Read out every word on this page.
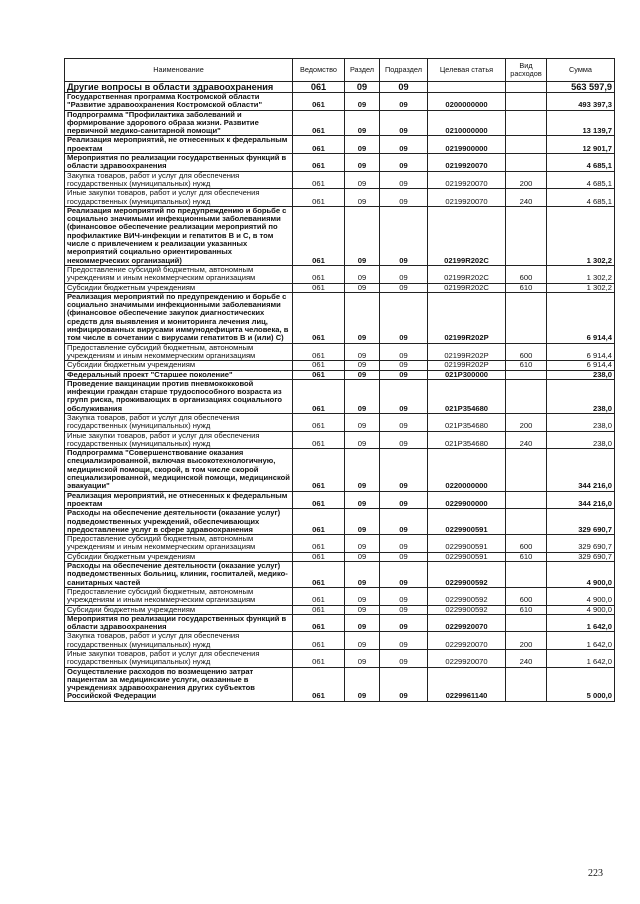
Наименование	Ведомство	Раздел	Подраздел	Целевая статья	Вид расходов	Сумма
Другие вопросы в области здравоохранения	061	09	09			563 597,9
Государственная программа Костромской области "Развитие здравоохранения Костромской области"	061	09	09	0200000000		493 397,3
Подпрограмма "Профилактика заболеваний и формирование здорового образа жизни. Развитие первичной медико-санитарной помощи"	061	09	09	0210000000		13 139,7
Реализация мероприятий, не отнесенных к федеральным проектам	061	09	09	0219900000		12 901,7
Мероприятия по реализации государственных функций в области здравоохранения	061	09	09	0219920070		4 685,1
Закупка товаров, работ и услуг для обеспечения государственных (муниципальных) нужд	061	09	09	0219920070	200	4 685,1
Иные закупки товаров, работ и услуг для обеспечения государственных (муниципальных) нужд	061	09	09	0219920070	240	4 685,1
Реализация мероприятий по предупреждению и борьбе с социально значимыми инфекционными заболеваниями (финансовое обеспечение реализации мероприятий по профилактике ВИЧ-инфекции и гепатитов В и С, в том числе с привлечением к реализации указанных мероприятий социально ориентированных некоммерческих организаций)	061	09	09	02199R202C		1 302,2
Предоставление субсидий бюджетным, автономным учреждениям и иным некоммерческим организациям	061	09	09	02199R202C	600	1 302,2
Субсидии бюджетным учреждениям	061	09	09	02199R202C	610	1 302,2
Реализация мероприятий по предупреждению и борьбе с социально значимыми инфекционными заболеваниями (финансовое обеспечение закупок диагностических средств для выявления и мониторинга лечения лиц, инфицированных вирусами иммунодефицита человека, в том числе в сочетании с вирусами гепатитов В и (или) С)	061	09	09	02199R202P		6 914,4
Предоставление субсидий бюджетным, автономным учреждениям и иным некоммерческим организациям	061	09	09	02199R202P	600	6 914,4
Субсидии бюджетным учреждениям	061	09	09	02199R202P	610	6 914,4
Федеральный проект "Старшее поколение"	061	09	09	021P300000		238,0
Проведение вакцинации против пневмококковой инфекции граждан старше трудоспособного возраста из групп риска, проживающих в организациях социального обслуживания	061	09	09	021P354680		238,0
Закупка товаров, работ и услуг для обеспечения государственных (муниципальных) нужд	061	09	09	021P354680	200	238,0
Иные закупки товаров, работ и услуг для обеспечения государственных (муниципальных) нужд	061	09	09	021P354680	240	238,0
Подпрограмма "Совершенствование оказания специализированной, включая высокотехнологичную, медицинской помощи, скорой, в том числе скорой специализированной, медицинской помощи, медицинской эвакуации"	061	09	09	0220000000		344 216,0
Реализация мероприятий, не отнесенных к федеральным проектам	061	09	09	0229900000		344 216,0
Расходы на обеспечение деятельности (оказание услуг) подведомственных учреждений, обеспечивающих предоставление услуг в сфере здравоохранения	061	09	09	0229900591		329 690,7
Предоставление субсидий бюджетным, автономным учреждениям и иным некоммерческим организациям	061	09	09	0229900591	600	329 690,7
Субсидии бюджетным учреждениям	061	09	09	0229900591	610	329 690,7
Расходы на обеспечение деятельности (оказание услуг) подведомственных больниц, клиник, госпиталей, медико-санитарных частей	061	09	09	0229900592		4 900,0
Предоставление субсидий бюджетным, автономным учреждениям и иным некоммерческим организациям	061	09	09	0229900592	600	4 900,0
Субсидии бюджетным учреждениям	061	09	09	0229900592	610	4 900,0
Мероприятия по реализации государственных функций в области здравоохранения	061	09	09	0229920070		1 642,0
Закупка товаров, работ и услуг для обеспечения государственных (муниципальных) нужд	061	09	09	0229920070	200	1 642,0
Иные закупки товаров, работ и услуг для обеспечения государственных (муниципальных) нужд	061	09	09	0229920070	240	1 642,0
Осуществление расходов по возмещению затрат пациентам за медицинские услуги, оказанные в учреждениях здравоохранения других субъектов Российской Федерации	061	09	09	0229961140		5 000,0
223
